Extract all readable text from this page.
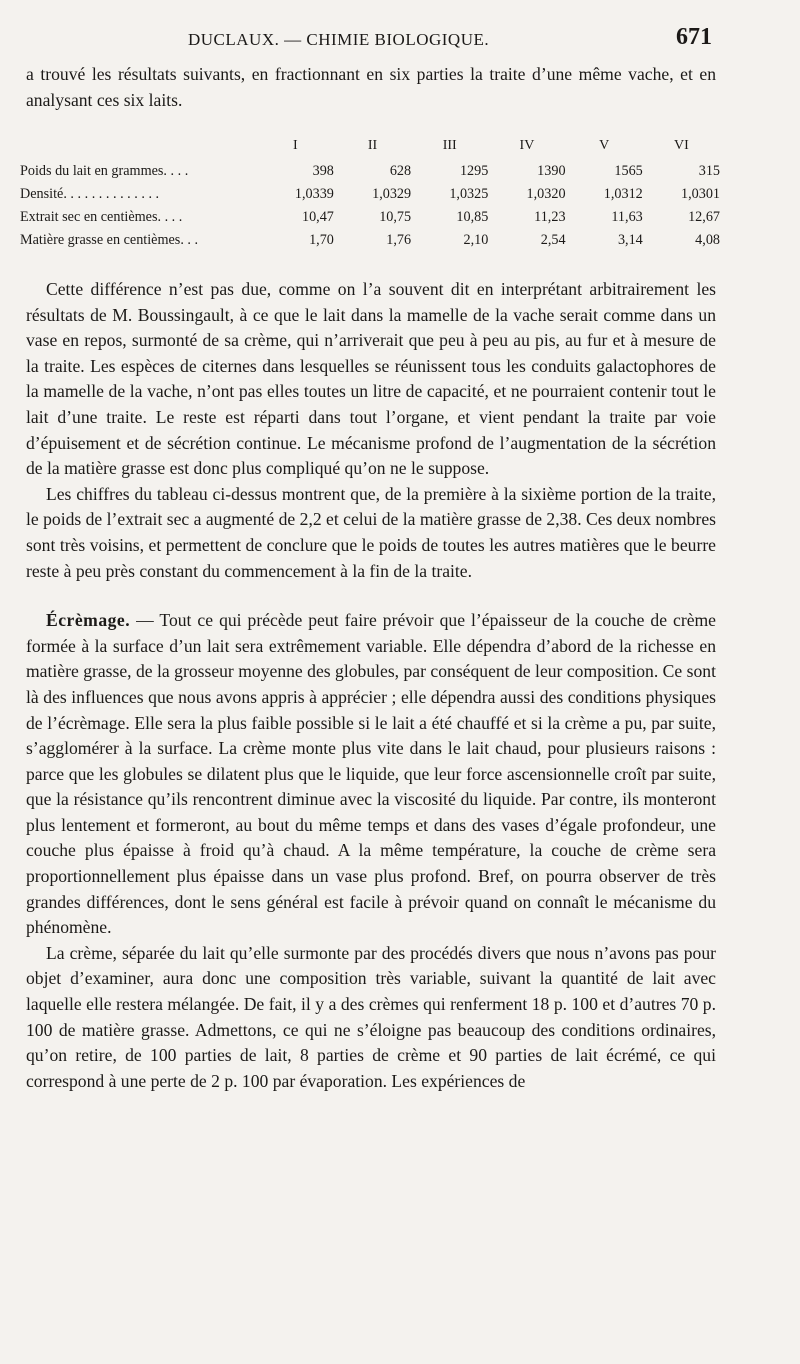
DUCLAUX. — CHIMIE BIOLOGIQUE.	671

a trouvé les résultats suivants, en fractionnant en six parties la traite d’une même vache, et en analysant ces six laits.

	I	II	III	IV	V	VI
Poids du lait en grammes. . . .	398	628	1295	1390	1565	315
Densité. . . . . . . . . . . . . .	1,0339	1,0329	1,0325	1,0320	1,0312	1,0301
Extrait sec en centièmes. . . .	10,47	10,75	10,85	11,23	11,63	12,67
Matière grasse en centièmes. . .	1,70	1,76	2,10	2,54	3,14	4,08

Cette différence n’est pas due, comme on l’a souvent dit en interprétant arbitrairement les résultats de M. Boussingault, à ce que le lait dans la mamelle de la vache serait comme dans un vase en repos, surmonté de sa crème, qui n’arriverait que peu à peu au pis, au fur et à mesure de la traite. Les espèces de citernes dans lesquelles se réunissent tous les conduits galactophores de la mamelle de la vache, n’ont pas elles toutes un litre de capacité, et ne pourraient contenir tout le lait d’une traite. Le reste est réparti dans tout l’organe, et vient pendant la traite par voie d’épuisement et de sécrétion continue. Le mécanisme profond de l’augmentation de la sécrétion de la matière grasse est donc plus compliqué qu’on ne le suppose.

Les chiffres du tableau ci-dessus montrent que, de la première à la sixième portion de la traite, le poids de l’extrait sec a augmenté de 2,2 et celui de la matière grasse de 2,38. Ces deux nombres sont très voisins, et permettent de conclure que le poids de toutes les autres matières que le beurre reste à peu près constant du commencement à la fin de la traite.

Écrèmage. — Tout ce qui précède peut faire prévoir que l’épaisseur de la couche de crème formée à la surface d’un lait sera extrêmement variable. Elle dépendra d’abord de la richesse en matière grasse, de la grosseur moyenne des globules, par conséquent de leur composition. Ce sont là des influences que nous avons appris à apprécier ; elle dépendra aussi des conditions physiques de l’écrèmage. Elle sera la plus faible possible si le lait a été chauffé et si la crème a pu, par suite, s’agglomérer à la surface. La crème monte plus vite dans le lait chaud, pour plusieurs raisons : parce que les globules se dilatent plus que le liquide, que leur force ascensionnelle croît par suite, que la résistance qu’ils rencontrent diminue avec la viscosité du liquide. Par contre, ils monteront plus lentement et formeront, au bout du même temps et dans des vases d’égale profondeur, une couche plus épaisse à froid qu’à chaud. A la même température, la couche de crème sera proportionnellement plus épaisse dans un vase plus profond. Bref, on pourra observer de très grandes différences, dont le sens général est facile à prévoir quand on connaît le mécanisme du phénomène.

La crème, séparée du lait qu’elle surmonte par des procédés divers que nous n’avons pas pour objet d’examiner, aura donc une composition très variable, suivant la quantité de lait avec laquelle elle restera mélangée. De fait, il y a des crèmes qui renferment 18 p. 100 et d’autres 70 p. 100 de matière grasse. Admettons, ce qui ne s’éloigne pas beaucoup des conditions ordinaires, qu’on retire, de 100 parties de lait, 8 parties de crème et 90 parties de lait écrémé, ce qui correspond à une perte de 2 p. 100 par évaporation. Les expériences de
